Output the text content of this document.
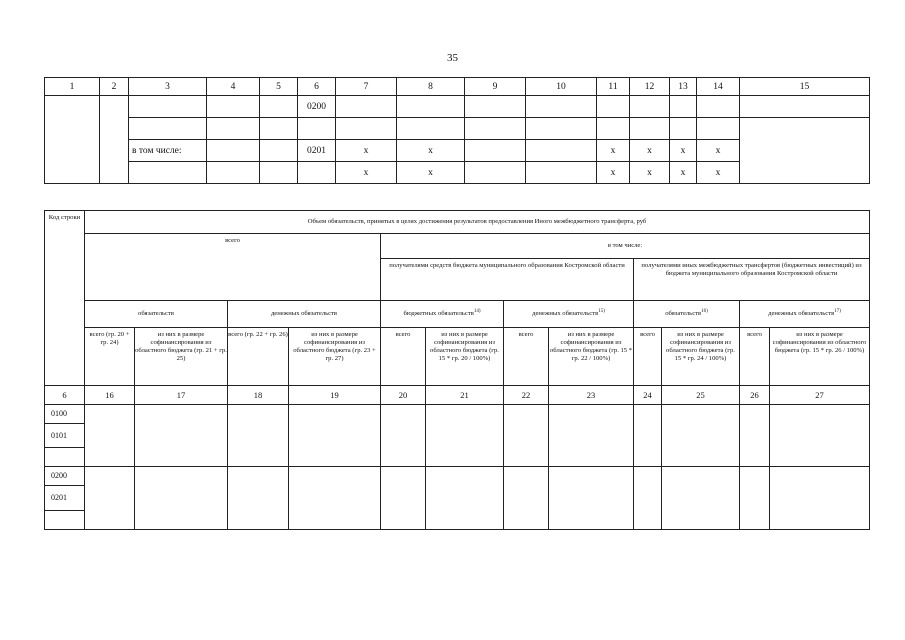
35
1	2	3	4	5	6	7	8	9	10	11	12	13	14	15
					0200									

		в том числе:			0201	x	x			x	x	x	x	
						x	x			x	x	x	x	
Код строки	Объем обязательств, принятых в целях достижения результатов предоставления Иного межбюджетного трансферта, руб											
	всего				в том числе:							
					получателями средств бюджета муниципального образования Костромской области				получателями иных межбюджетных трансфертов (бюджетных инвестиций) из бюджета муниципального образования Костромской области			
	обязательств		денежных обязательств		бюджетных обязательств$^{14)}$		денежных обязательств$^{15)}$		обязательств$^{16)}$		денежных обязательств$^{17)}$
	всего (гр. 20 + гр. 24)	из них в размере софинансирования из областного бюджета (гр. 21 + гр. 25)	всего (гр. 22 + гр. 26)	из них в размере софинансирования из областного бюджета (гр. 23 + гр. 27)	всего	из них в размере софинансирования из областного бюджета (гр. 15 * гр. 20 / 100%)	всего	из них в размере софинансирования из областного бюджета (гр. 15 * гр. 22 / 100%)	всего	из них в размере софинансирования из областного бюджета (гр. 15 * гр. 24 / 100%)	всего	из них в размере софинансирования из областного бюджета (гр. 15 * гр. 26 / 100%)
6	16	17	18	19	20	21	22	23	24	25	26	27
0100												
0101												

0200												
0201												
